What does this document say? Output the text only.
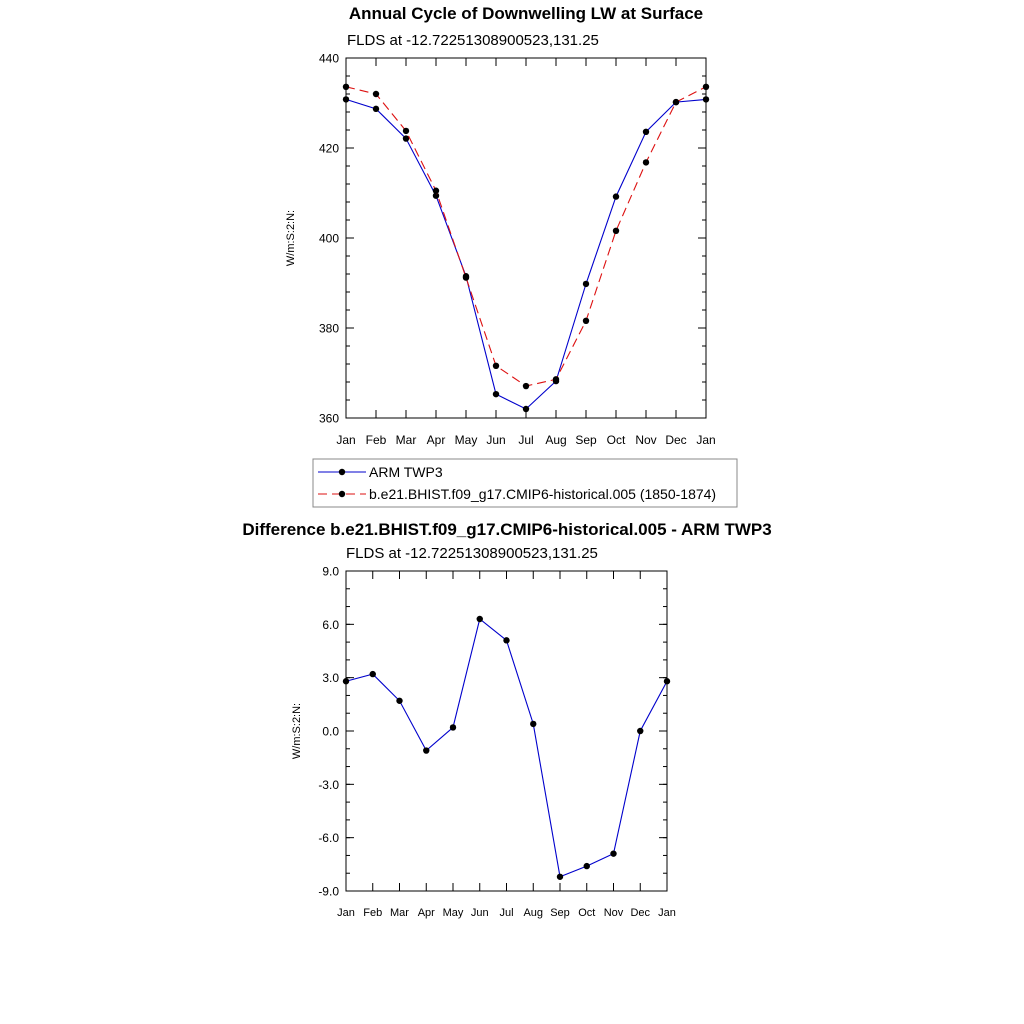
Annual Cycle of Downwelling LW at Surface
FLDS at -12.72251308900523,131.25
W/m:S:2:N:
Jan Feb Mar Apr May Jun Jul Aug Sep Oct Nov Dec Jan
360
380
400
420
440
ARM TWP3
b.e21.BHIST.f09_g17.CMIP6-historical.005 (1850-1874)
Difference b.e21.BHIST.f09_g17.CMIP6-historical.005 - ARM TWP3
FLDS at -12.72251308900523,131.25
W/m:S:2:N:
Jan Feb Mar Apr May Jun Jul Aug Sep Oct Nov Dec Jan
-9.0
-6.0
-3.0
0.0
3.0
6.0
9.0
